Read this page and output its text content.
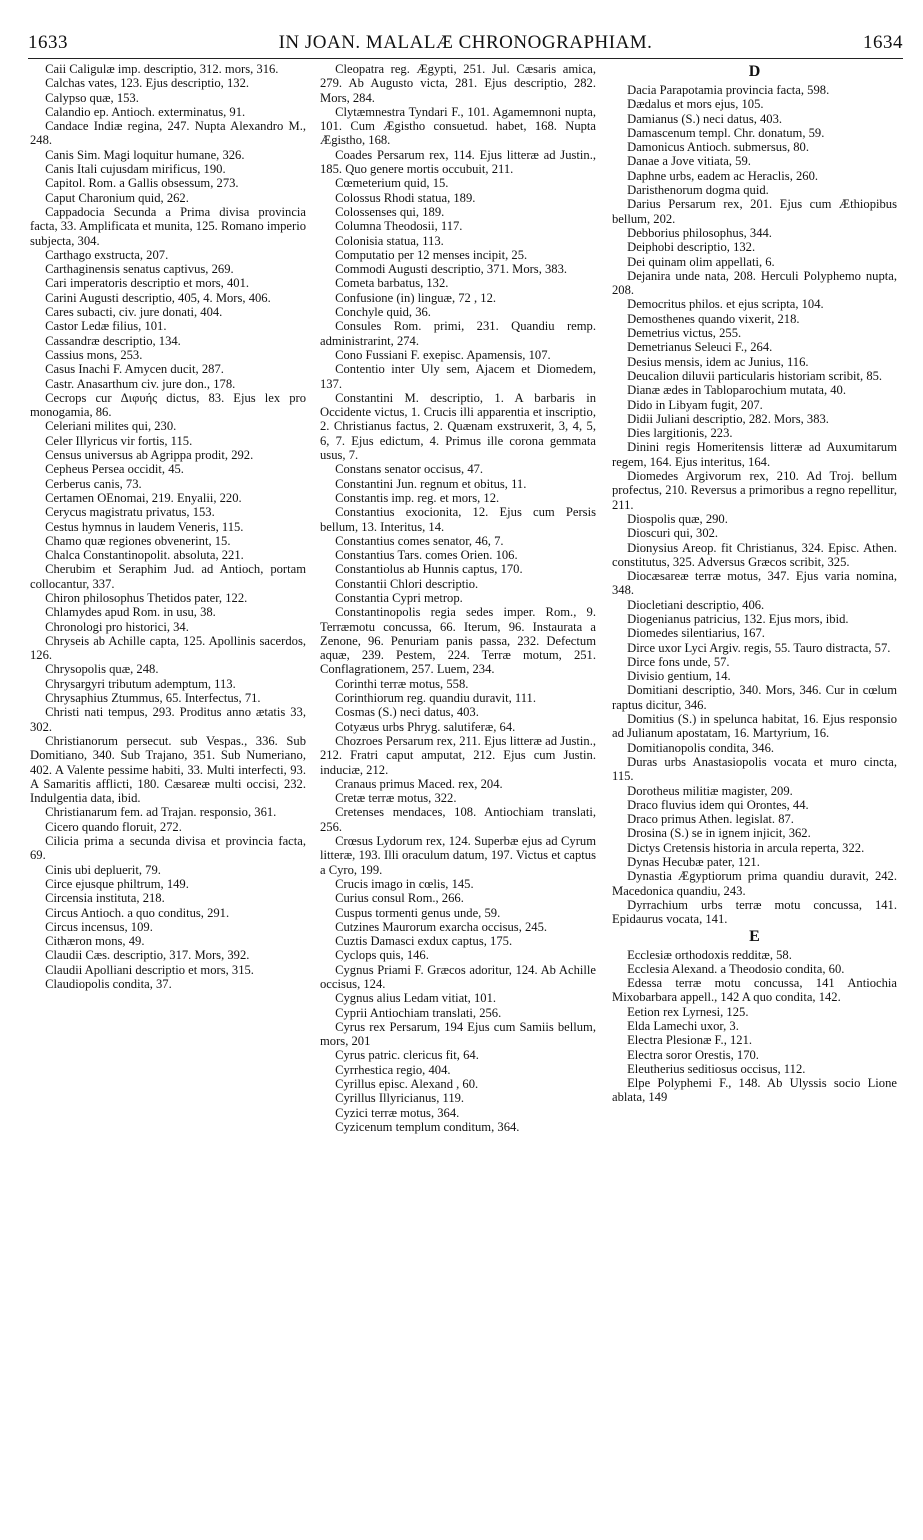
1633	IN JOAN. MALALÆ CHRONOGRAPHIAM.	1634

Caii Caligulæ imp. descriptio, 312. mors, 316.

Calchas vates, 123. Ejus descriptio, 132.

Calypso quæ, 153.

Calandio ep. Antioch. exterminatus, 91.

Candace Indiæ regina, 247. Nupta Alexandro M., 248.

Canis Sim. Magi loquitur humane, 326.

Canis Itali cujusdam mirificus, 190.

Capitol. Rom. a Gallis obsessum, 273.

Caput Charonium quid, 262.

Cappadocia Secunda a Prima divisa provincia facta, 33. Amplificata et munita, 125. Romano imperio subjecta, 304.

Carthago exstructa, 207.

Carthaginensis senatus captivus, 269.

Cari imperatoris descriptio et mors, 401.

Carini Augusti descriptio, 405, 4. Mors, 406.

Cares subacti, civ. jure donati, 404.

Castor Ledæ filius, 101.

Cassandræ descriptio, 134.

Cassius mons, 253.

Casus Inachi F. Amycen ducit, 287.

Castr. Anasarthum civ. jure don., 178.

Cecrops cur Διφυής dictus, 83. Ejus lex pro monogamia, 86.

Celeriani milites qui, 230.

Celer Illyricus vir fortis, 115.

Census universus ab Agrippa prodit, 292.

Cepheus Persea occidit, 45.

Cerberus canis, 73.

Certamen OEnomai, 219. Enyalii, 220.

Cerycus magistratu privatus, 153.

Cestus hymnus in laudem Veneris, 115.

Chamo quæ regiones obvenerint, 15.

Chalca Constantinopolit. absoluta, 221.

Cherubim et Seraphim Jud. ad Antioch, portam collocantur, 337.

Chiron philosophus Thetidos pater, 122.

Chlamydes apud Rom. in usu, 38.

Chronologi pro historici, 34.

Chryseis ab Achille capta, 125. Apollinis sacerdos, 126.

Chrysopolis quæ, 248.

Chrysargyri tributum ademptum, 113.

Chrysaphius Ztummus, 65. Interfectus, 71.

Christi nati tempus, 293. Proditus anno ætatis 33, 302.

Christianorum persecut. sub Vespas., 336. Sub Domitiano, 340. Sub Trajano, 351. Sub Numeriano, 402. A Valente pessime habiti, 33. Multi interfecti, 93. A Samaritis afflicti, 180. Cæsareæ multi occisi, 232. Indulgentia data, ibid.

Christianarum fem. ad Trajan. responsio, 361.

Cicero quando floruit, 272.

Cilicia prima a secunda divisa et provincia facta, 69.

Cinis ubi depluerit, 79.

Circe ejusque philtrum, 149.

Circensia instituta, 218.

Circus Antioch. a quo conditus, 291.

Circus incensus, 109.

Cithæron mons, 49.

Claudii Cæs. descriptio, 317. Mors, 392.

Claudii Apolliani descriptio et mors, 315.

Claudiopolis condita, 37.

Cleopatra reg. Ægypti, 251. Jul. Cæsaris amica, 279. Ab Augusto victa, 281. Ejus descriptio, 282. Mors, 284.

Clytæmnestra Tyndari F., 101. Agamemnoni nupta, 101. Cum Ægistho consuetud. habet, 168. Nupta Ægistho, 168.

Coades Persarum rex, 114. Ejus litteræ ad Justin., 185. Quo genere mortis occubuit, 211.

Cœmeterium quid, 15.

Colossus Rhodi statua, 189.

Colossenses qui, 189.

Columna Theodosii, 117.

Colonisia statua, 113.

Computatio per 12 menses incipit, 25.

Commodi Augusti descriptio, 371. Mors, 383.

Cometa barbatus, 132.

Confusione (in) linguæ, 72 , 12.

Conchyle quid, 36.

Consules Rom. primi, 231. Quandiu remp. administrarint, 274.

Cono Fussiani F. exepisc. Apamensis, 107.

Contentio inter Uly sem, Ajacem et Diomedem, 137.

Constantini M. descriptio, 1. A barbaris in Occidente victus, 1. Crucis illi apparentia et inscriptio, 2. Christianus factus, 2. Quænam exstruxerit, 3, 4, 5, 6, 7. Ejus edictum, 4. Primus ille corona gemmata usus, 7.

Constans senator occisus, 47.

Constantini Jun. regnum et obitus, 11.

Constantis imp. reg. et mors, 12.

Constantius exocionita, 12. Ejus cum Persis bellum, 13. Interitus, 14.

Constantius comes senator, 46, 7.

Constantius Tars. comes Orien. 106.

Constantiolus ab Hunnis captus, 170.

Constantii Chlori descriptio.

Constantia Cypri metrop.

Constantinopolis regia sedes imper. Rom., 9. Terræmotu concussa, 66. Iterum, 96. Instaurata a Zenone, 96. Penuriam panis passa, 232. Defectum aquæ, 239. Pestem, 224. Terræ motum, 251. Conflagrationem, 257. Luem, 234.

Corinthi terræ motus, 558.

Corinthiorum reg. quandiu duravit, 111.

Cosmas (S.) neci datus, 403.

Cotyæus urbs Phryg. salutiferæ, 64.

Chozroes Persarum rex, 211. Ejus litteræ ad Justin., 212. Fratri caput amputat, 212. Ejus cum Justin. induciæ, 212.

Cranaus primus Maced. rex, 204.

Cretæ terræ motus, 322.

Cretenses mendaces, 108. Antiochiam translati, 256.

Crœsus Lydorum rex, 124. Superbæ ejus ad Cyrum litteræ, 193. Illi oraculum datum, 197. Victus et captus a Cyro, 199.

Crucis imago in cœlis, 145.

Curius consul Rom., 266.

Cuspus tormenti genus unde, 59.

Cutzines Maurorum exarcha occisus, 245.

Cuztis Damasci exdux captus, 175.

Cyclops quis, 146.

Cygnus Priami F. Græcos adoritur, 124. Ab Achille occisus, 124.

Cygnus alius Ledam vitiat, 101.

Cyprii Antiochiam translati, 256.

Cyrus rex Persarum, 194 Ejus cum Samiis bellum, mors, 201

Cyrus patric. clericus fit, 64.

Cyrrhestica regio, 404.

Cyrillus episc. Alexand , 60.

Cyrillus Illyricianus, 119.

Cyzici terræ motus, 364.

Cyzicenum templum conditum, 364.

D

Dacia Parapotamia provincia facta, 598.

Dædalus et mors ejus, 105.

Damianus (S.) neci datus, 403.

Damascenum templ. Chr. donatum, 59.

Damonicus Antioch. submersus, 80.

Danae a Jove vitiata, 59.

Daphne urbs, eadem ac Heraclis, 260.

Daristhenorum dogma quid.

Darius Persarum rex, 201. Ejus cum Æthiopibus bellum, 202.

Debborius philosophus, 344.

Deiphobi descriptio, 132.

Dei quinam olim appellati, 6.

Dejanira unde nata, 208. Herculi Polyphemo nupta, 208.

Democritus philos. et ejus scripta, 104.

Demosthenes quando vixerit, 218.

Demetrius victus, 255.

Demetrianus Seleuci F., 264.

Desius mensis, idem ac Junius, 116.

Deucalion diluvii particularis historiam scribit, 85.

Dianæ ædes in Tabloparochium mutata, 40.

Dido in Libyam fugit, 207.

Didii Juliani descriptio, 282. Mors, 383.

Dies largitionis, 223.

Dinini regis Homeritensis litteræ ad Auxumitarum regem, 164. Ejus interitus, 164.

Diomedes Argivorum rex, 210. Ad Troj. bellum profectus, 210. Reversus a primoribus a regno repellitur, 211.

Diospolis quæ, 290.

Dioscuri qui, 302.

Dionysius Areop. fit Christianus, 324. Episc. Athen. constitutus, 325. Adversus Græcos scribit, 325.

Diocæsareæ terræ motus, 347. Ejus varia nomina, 348.

Diocletiani descriptio, 406.

Diogenianus patricius, 132. Ejus mors, ibid.

Diomedes silentiarius, 167.

Dirce uxor Lyci Argiv. regis, 55. Tauro distracta, 57.

Dirce fons unde, 57.

Divisio gentium, 14.

Domitiani descriptio, 340. Mors, 346. Cur in cœlum raptus dicitur, 346.

Domitius (S.) in spelunca habitat, 16. Ejus responsio ad Julianum apostatam, 16. Martyrium, 16.

Domitianopolis condita, 346.

Duras urbs Anastasiopolis vocata et muro cincta, 115.

Dorotheus militiæ magister, 209.

Draco fluvius idem qui Orontes, 44.

Draco primus Athen. legislat. 87.

Drosina (S.) se in ignem injicit, 362.

Dictys Cretensis historia in arcula reperta, 322.

Dynas Hecubæ pater, 121.

Dynastia Ægyptiorum prima quandiu duravit, 242. Macedonica quandiu, 243.

Dyrrachium urbs terræ motu concussa, 141. Epidaurus vocata, 141.

E

Ecclesiæ orthodoxis redditæ, 58.

Ecclesia Alexand. a Theodosio condita, 60.

Edessa terræ motu concussa, 141 Antiochia Mixobarbara appell., 142 A quo condita, 142.

Eetion rex Lyrnesi, 125.

Elda Lamechi uxor, 3.

Electra Plesionæ F., 121.

Electra soror Orestis, 170.

Eleutherius seditiosus occisus, 112.

Elpe Polyphemi F., 148. Ab Ulyssis socio Lione ablata, 149
